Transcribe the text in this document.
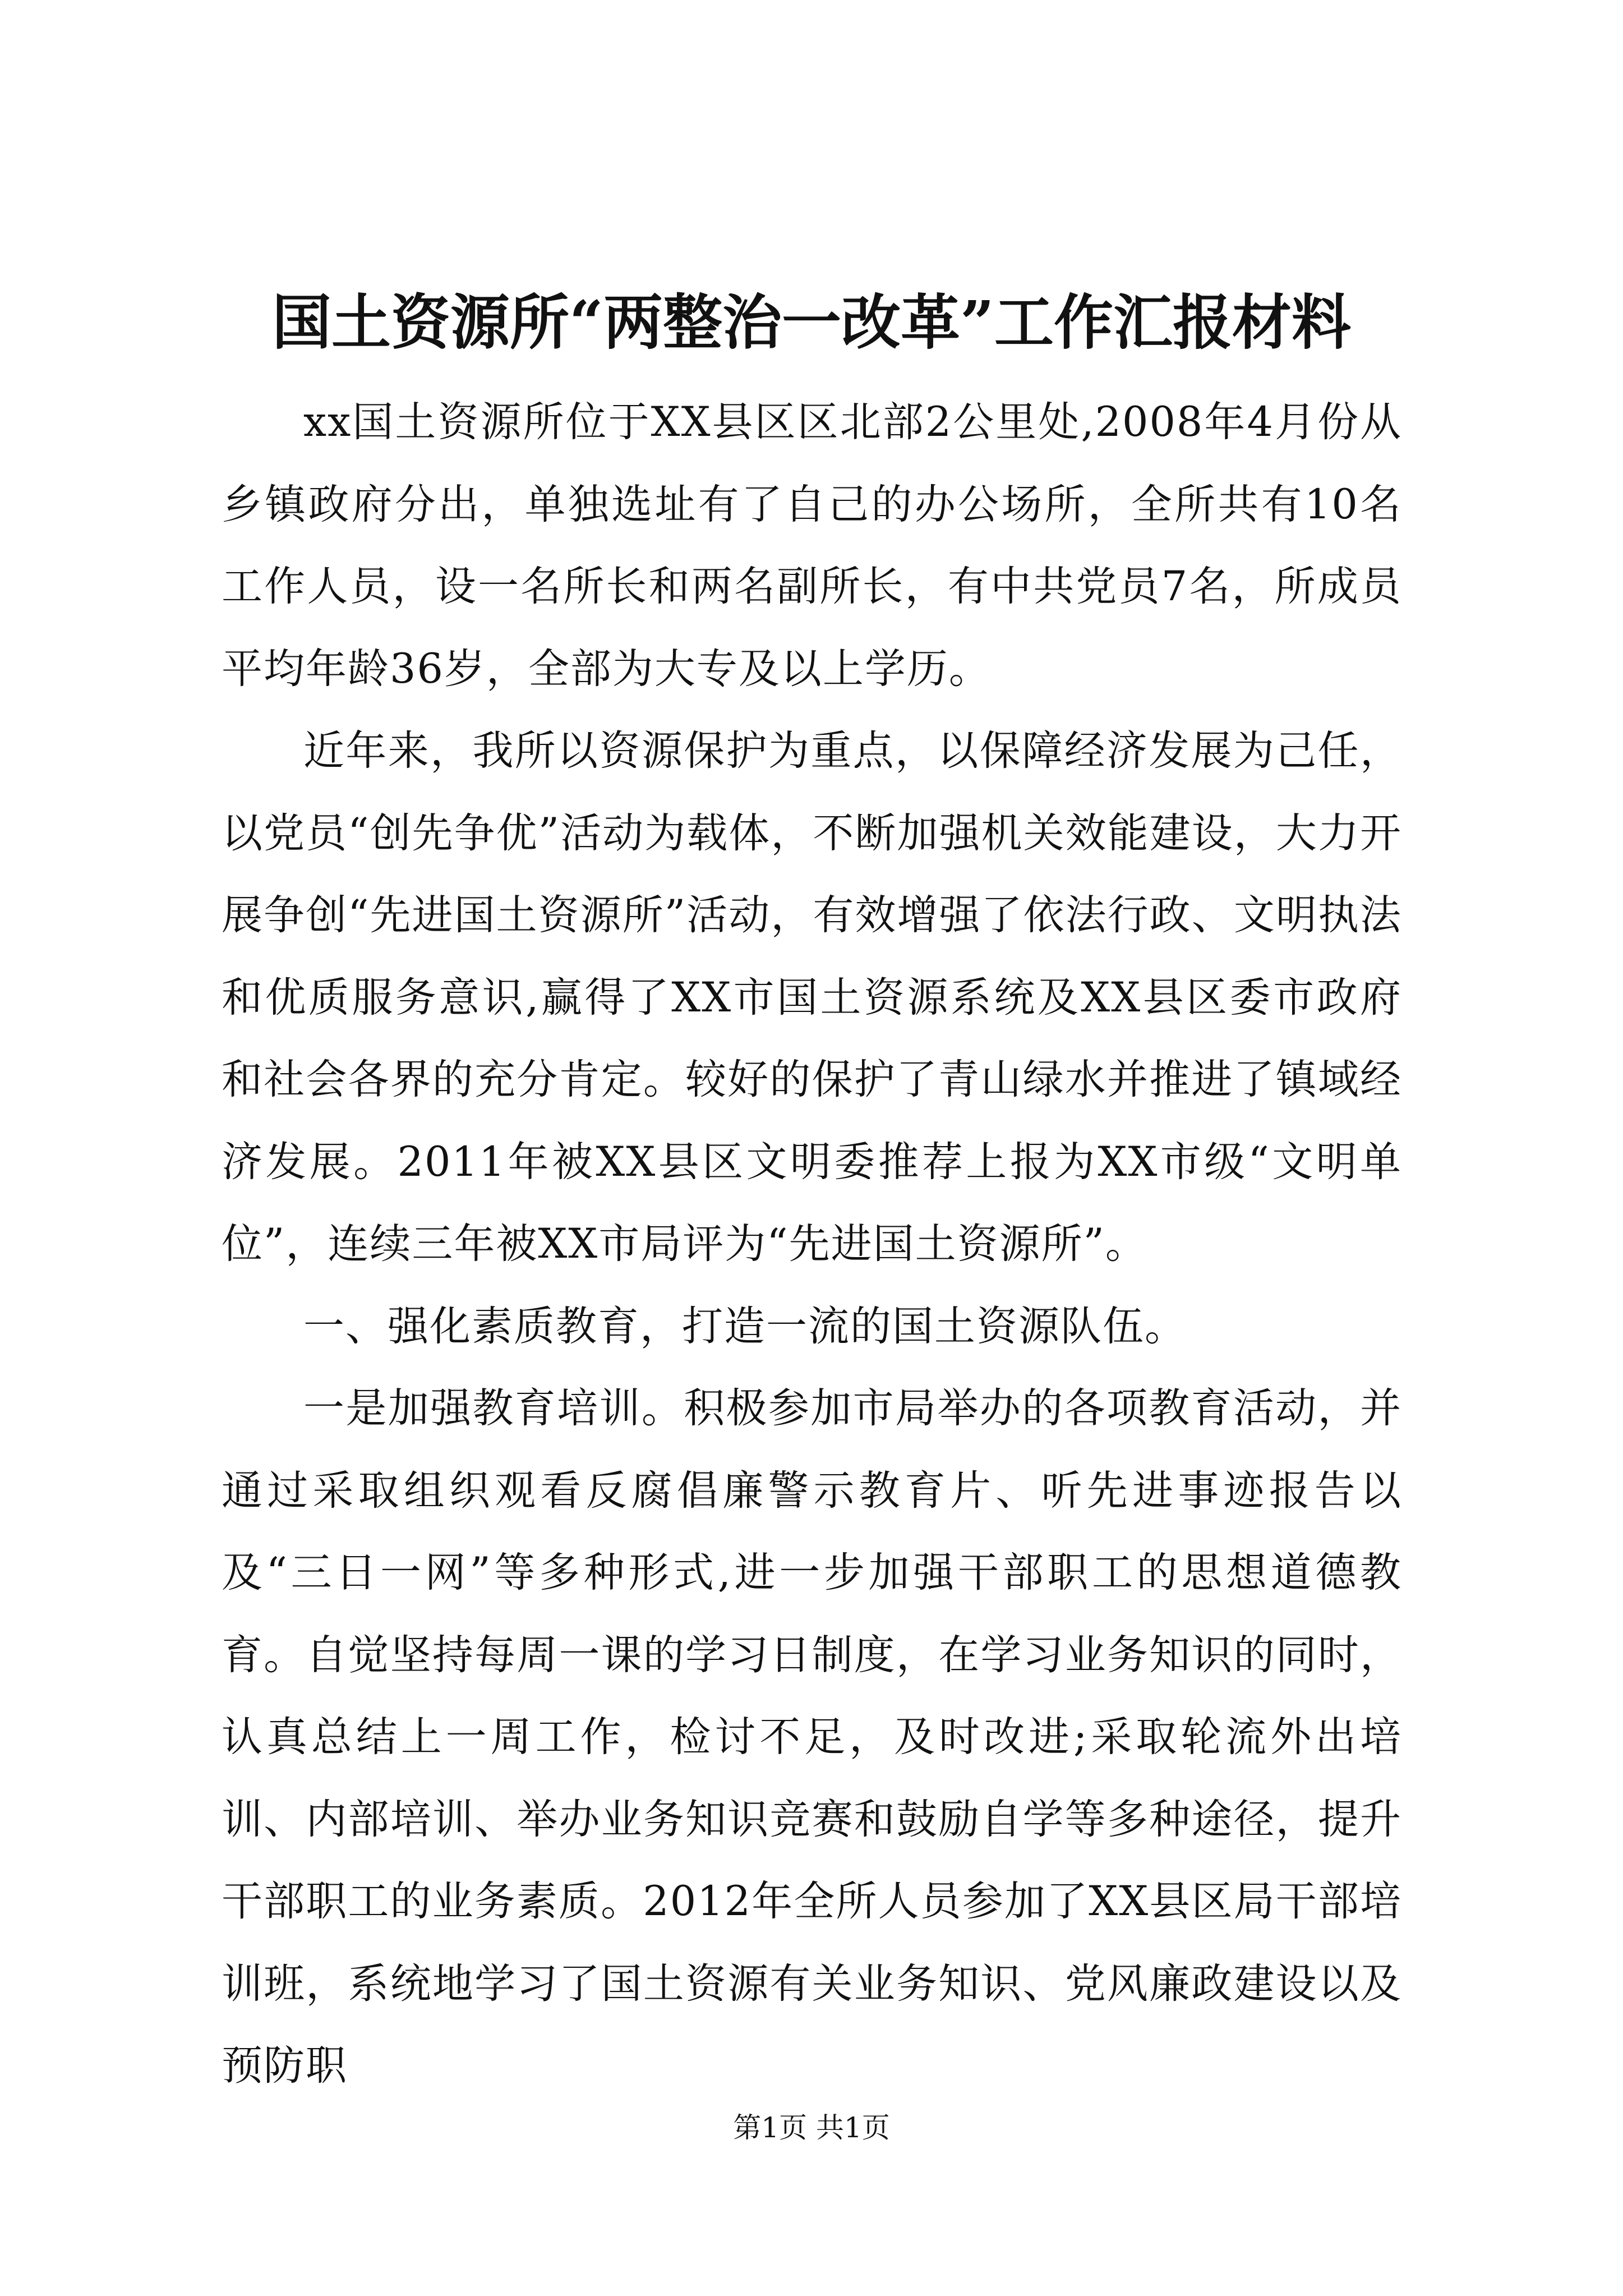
国土资源所“两整治一改革”工作汇报材料

xx国土资源所位于XX县区区北部2公里处,2008年4月份从乡镇政府分出，单独选址有了自己的办公场所，全所共有10名工作人员，设一名所长和两名副所长，有中共党员7名，所成员平均年龄36岁，全部为大专及以上学历。

近年来，我所以资源保护为重点，以保障经济发展为己任，以党员“创先争优”活动为载体，不断加强机关效能建设，大力开展争创“先进国土资源所”活动，有效增强了依法行政、文明执法和优质服务意识,赢得了XX市国土资源系统及XX县区委市政府和社会各界的充分肯定。较好的保护了青山绿水并推进了镇域经济发展。2011年被XX县区文明委推荐上报为XX市级“文明单位”，连续三年被XX市局评为“先进国土资源所”。

一、强化素质教育，打造一流的国土资源队伍。

一是加强教育培训。积极参加市局举办的各项教育活动，并通过采取组织观看反腐倡廉警示教育片、听先进事迹报告以及“三日一网”等多种形式,进一步加强干部职工的思想道德教育。自觉坚持每周一课的学习日制度，在学习业务知识的同时，认真总结上一周工作，检讨不足，及时改进;采取轮流外出培训、内部培训、举办业务知识竞赛和鼓励自学等多种途径，提升干部职工的业务素质。2012年全所人员参加了XX县区局干部培训班，系统地学习了国土资源有关业务知识、党风廉政建设以及预防职

第1页 共1页
